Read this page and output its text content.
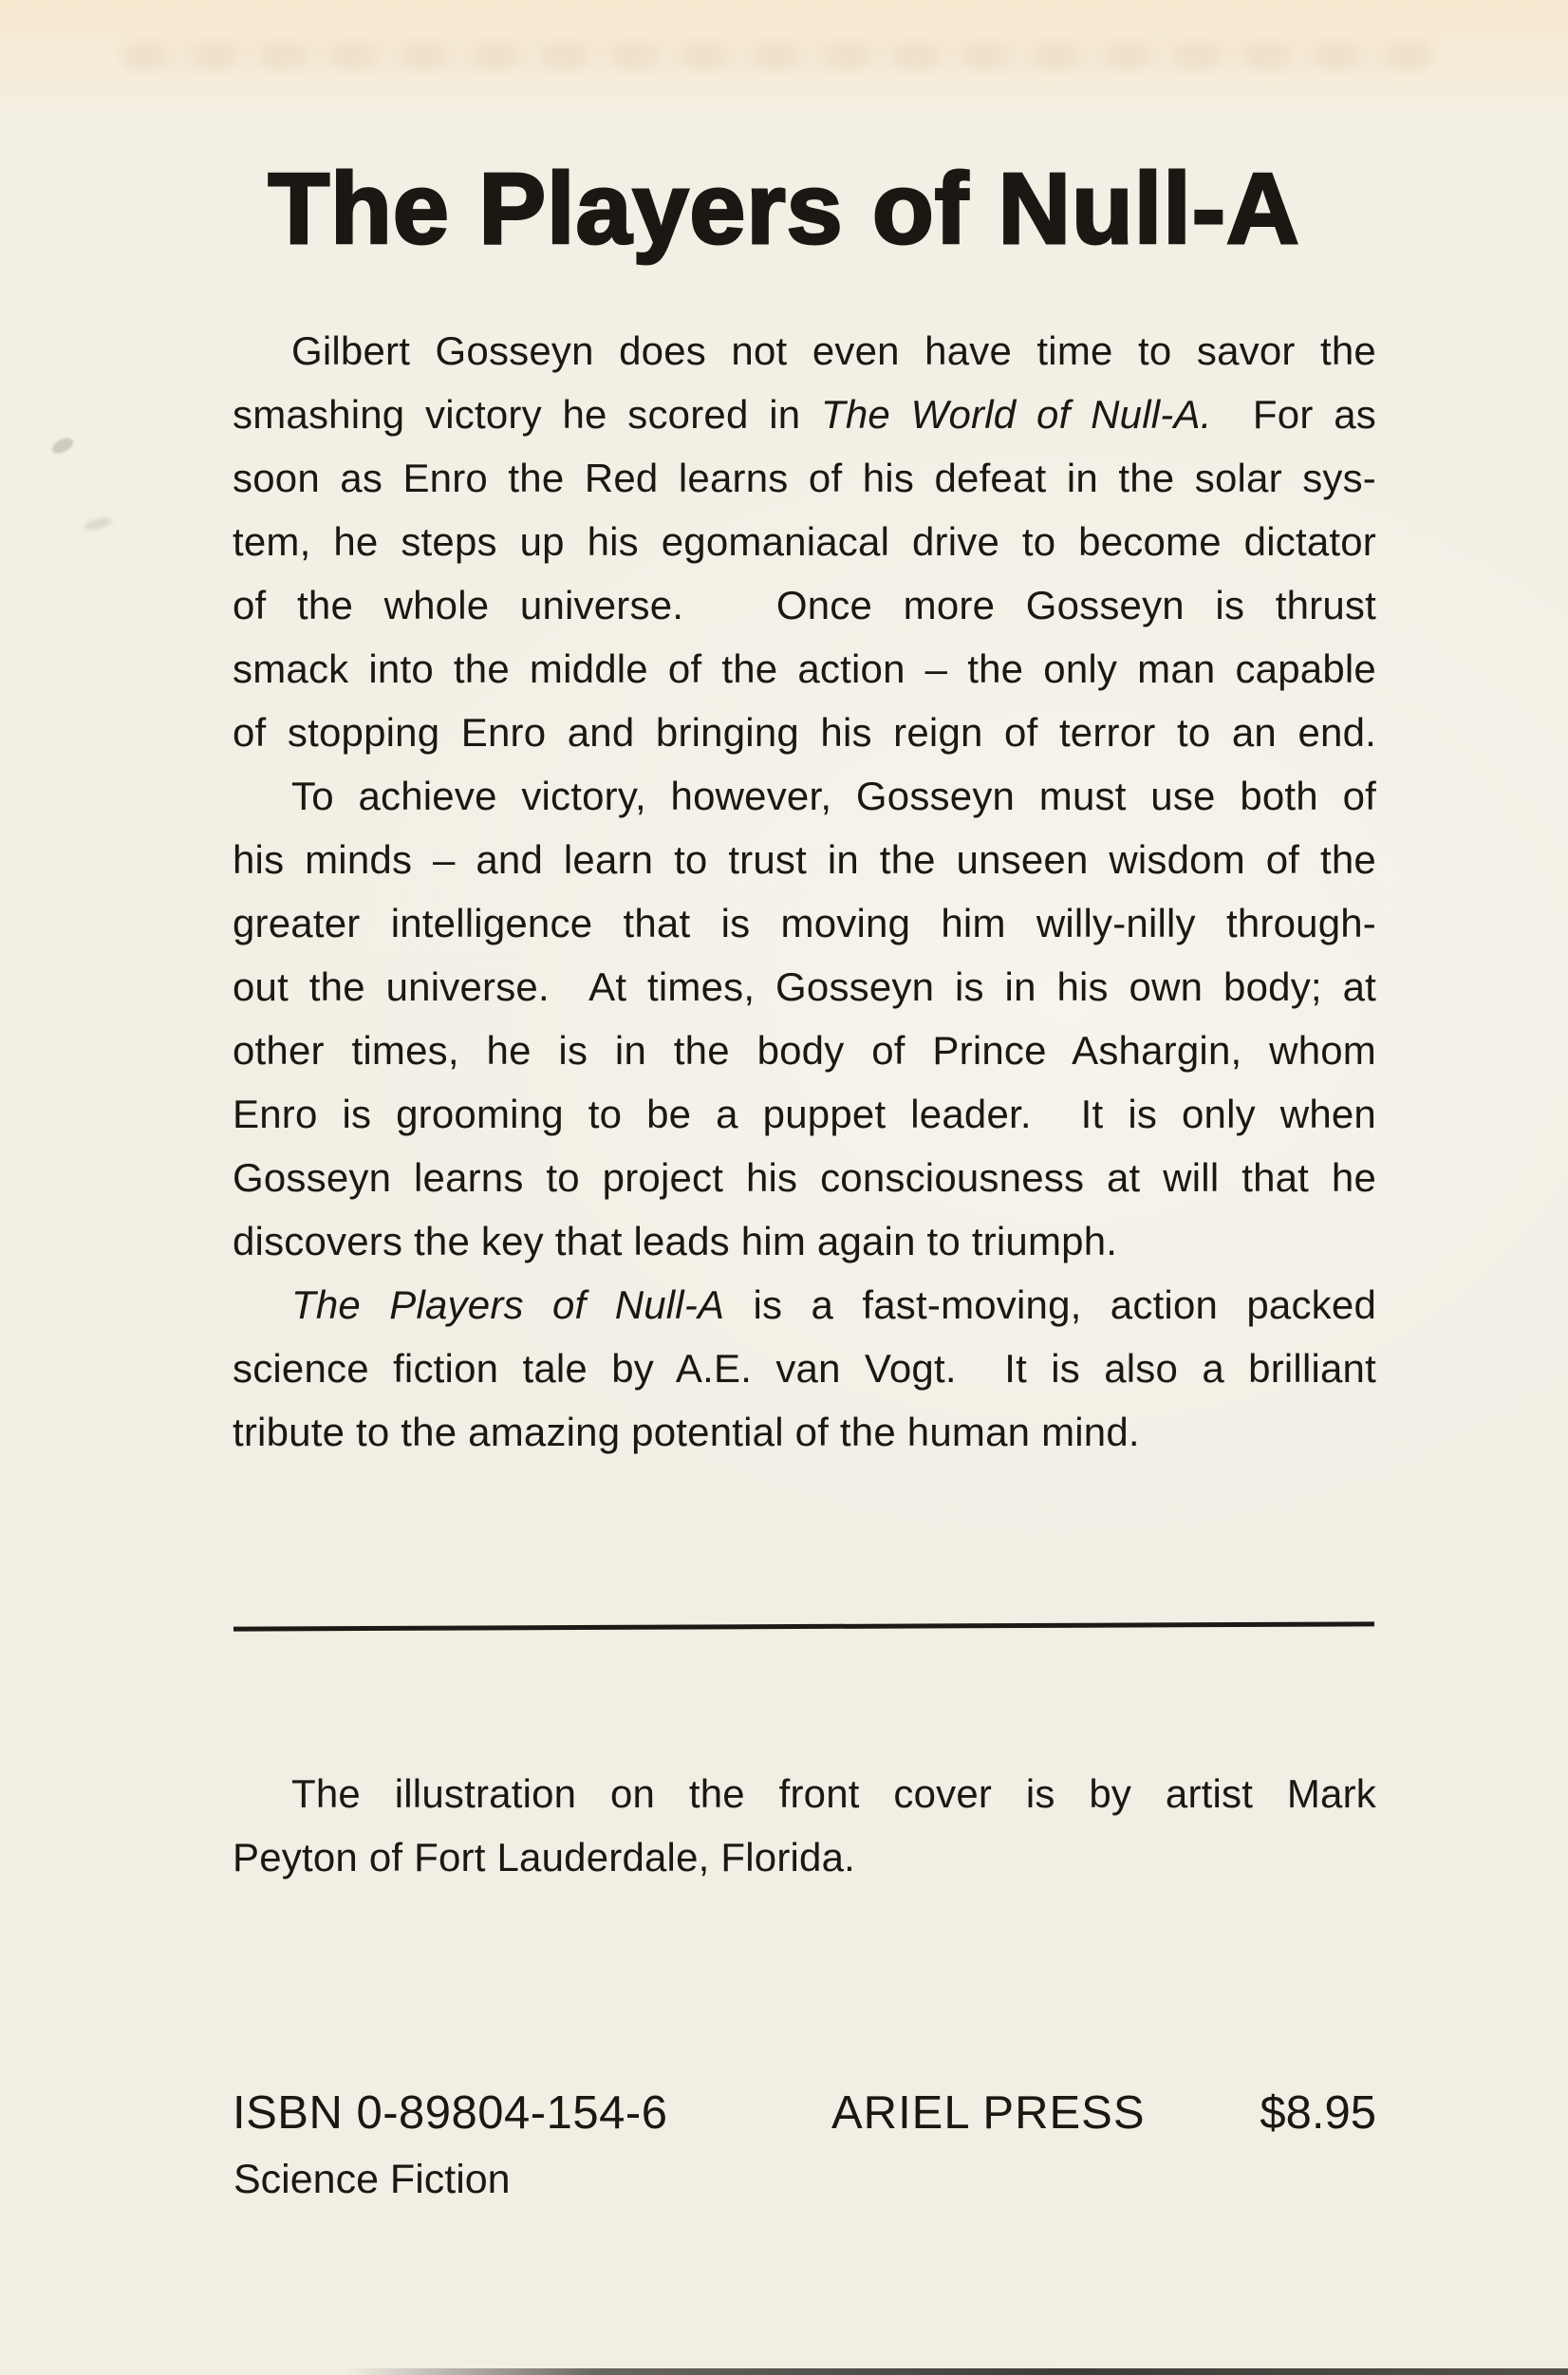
The Players of Null-A
Gilbert Gosseyn does not even have time to savor the
smashing victory he scored in The World of Null-A.  For as
soon as Enro the Red learns of his defeat in the solar sys-
tem, he steps up his egomaniacal drive to become dictator
of the whole universe.   Once more Gosseyn is thrust
smack into the middle of the action – the only man capable
of stopping Enro and bringing his reign of terror to an end.
To achieve victory, however, Gosseyn must use both of
his minds – and learn to trust in the unseen wisdom of the
greater intelligence that is moving him willy-nilly through-
out the universe.  At times, Gosseyn is in his own body; at
other times, he is in the body of Prince Ashargin, whom
Enro is grooming to be a puppet leader.  It is only when
Gosseyn learns to project his consciousness at will that he
discovers the key that leads him again to triumph.
The Players of Null-A is a fast-moving, action packed
science fiction tale by A.E. van Vogt.  It is also a brilliant
tribute to the amazing potential of the human mind.
The illustration on the front cover is by artist Mark
Peyton of Fort Lauderdale, Florida.
ISBN 0-89804-154-6	ARIEL PRESS $8.95
Science Fiction
